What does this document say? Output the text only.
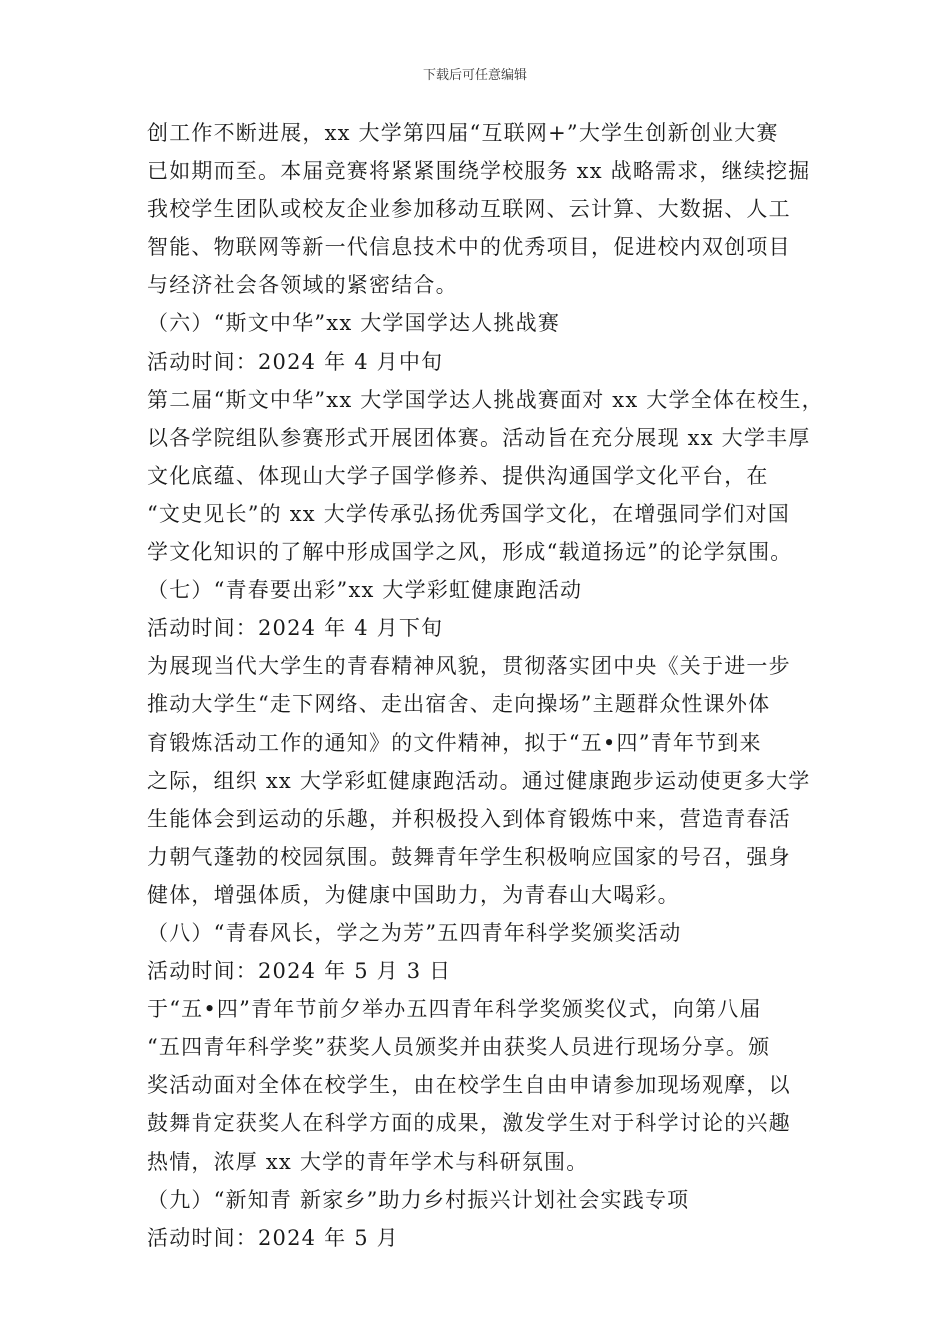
下载后可任意编辑
创工作不断进展，xx 大学第四届“互联网+”大学生创新创业大赛
已如期而至。本届竞赛将紧紧围绕学校服务 xx 战略需求，继续挖掘
我校学生团队或校友企业参加移动互联网、云计算、大数据、人工
智能、物联网等新一代信息技术中的优秀项目，促进校内双创项目
与经济社会各领域的紧密结合。
（六）“斯文中华”xx 大学国学达人挑战赛
活动时间：2024 年 4 月中旬
第二届“斯文中华”xx 大学国学达人挑战赛面对 xx 大学全体在校生，
以各学院组队参赛形式开展团体赛。活动旨在充分展现 xx 大学丰厚
文化底蕴、体现山大学子国学修养、提供沟通国学文化平台，在
“文史见长”的 xx 大学传承弘扬优秀国学文化，在增强同学们对国
学文化知识的了解中形成国学之风，形成“载道扬远”的论学氛围。
（七）“青春要出彩”xx 大学彩虹健康跑活动
活动时间：2024 年 4 月下旬
为展现当代大学生的青春精神风貌，贯彻落实团中央《关于进一步
推动大学生“走下网络、走出宿舍、走向操场”主题群众性课外体
育锻炼活动工作的通知》的文件精神，拟于“五•四”青年节到来
之际，组织 xx 大学彩虹健康跑活动。通过健康跑步运动使更多大学
生能体会到运动的乐趣，并积极投入到体育锻炼中来，营造青春活
力朝气蓬勃的校园氛围。鼓舞青年学生积极响应国家的号召，强身
健体，增强体质，为健康中国助力，为青春山大喝彩。
（八）“青春风长，学之为芳”五四青年科学奖颁奖活动
活动时间：2024 年 5 月 3 日
于“五•四”青年节前夕举办五四青年科学奖颁奖仪式，向第八届
“五四青年科学奖”获奖人员颁奖并由获奖人员进行现场分享。颁
奖活动面对全体在校学生，由在校学生自由申请参加现场观摩，以
鼓舞肯定获奖人在科学方面的成果，激发学生对于科学讨论的兴趣
热情，浓厚 xx 大学的青年学术与科研氛围。
（九）“新知青 新家乡”助力乡村振兴计划社会实践专项
活动时间：2024 年 5 月
